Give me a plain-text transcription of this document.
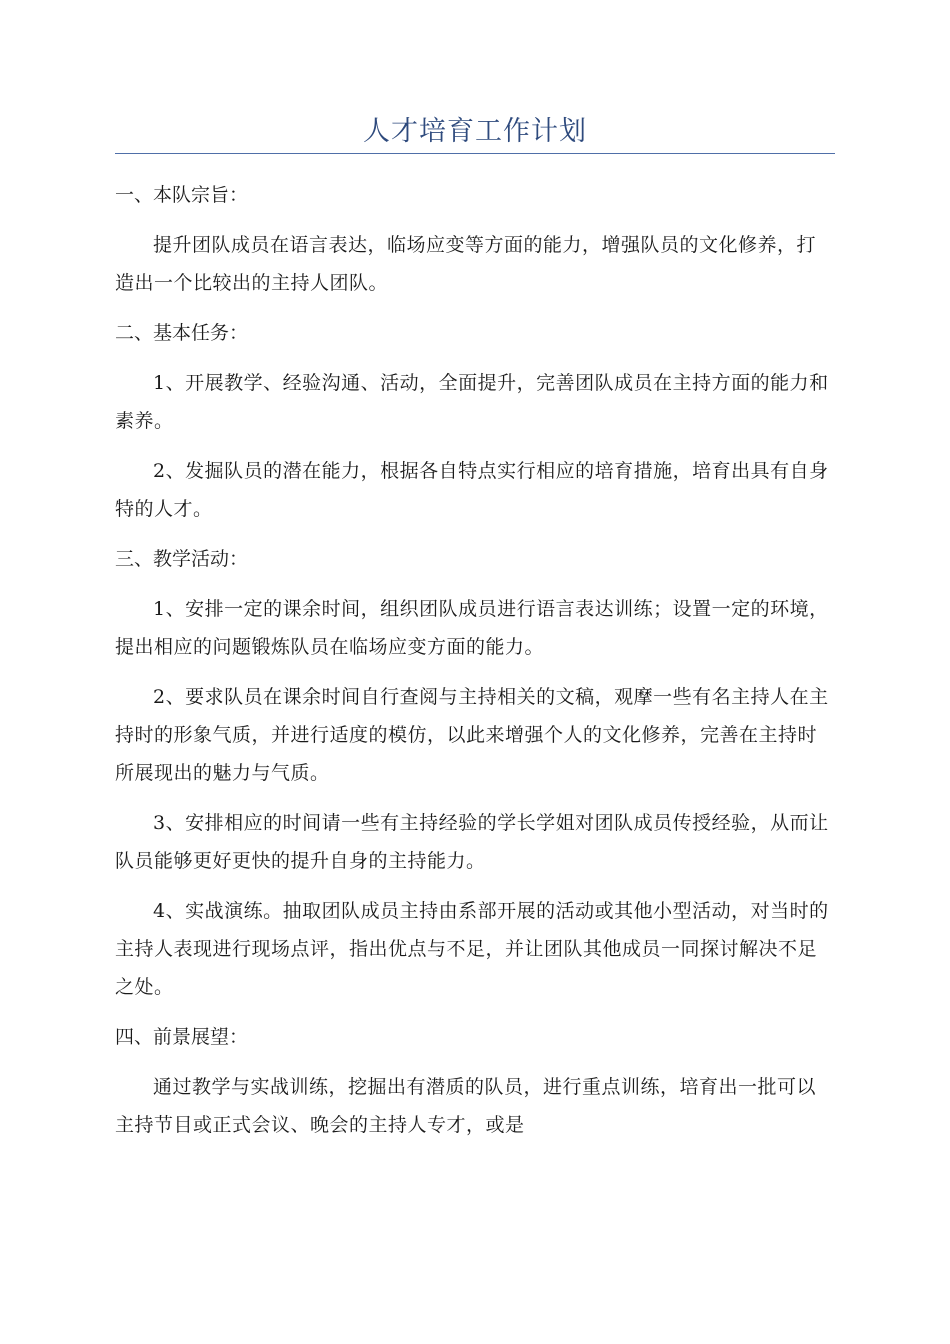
人才培育工作计划
一、本队宗旨：

提升团队成员在语言表达，临场应变等方面的能力，增强队员的文化修养，打造出一个比较出的主持人团队。

二、基本任务：

1、开展教学、经验沟通、活动，全面提升，完善团队成员在主持方面的能力和素养。

2、发掘队员的潜在能力，根据各自特点实行相应的培育措施，培育出具有自身特的人才。

三、教学活动：

1、安排一定的课余时间，组织团队成员进行语言表达训练；设置一定的环境，提出相应的问题锻炼队员在临场应变方面的能力。

2、要求队员在课余时间自行查阅与主持相关的文稿，观摩一些有名主持人在主持时的形象气质，并进行适度的模仿，以此来增强个人的文化修养，完善在主持时所展现出的魅力与气质。

3、安排相应的时间请一些有主持经验的学长学姐对团队成员传授经验，从而让队员能够更好更快的提升自身的主持能力。

4、实战演练。抽取团队成员主持由系部开展的活动或其他小型活动，对当时的主持人表现进行现场点评，指出优点与不足，并让团队其他成员一同探讨解决不足之处。

四、前景展望：

通过教学与实战训练，挖掘出有潜质的队员，进行重点训练，培育出一批可以主持节目或正式会议、晚会的主持人专才，或是
